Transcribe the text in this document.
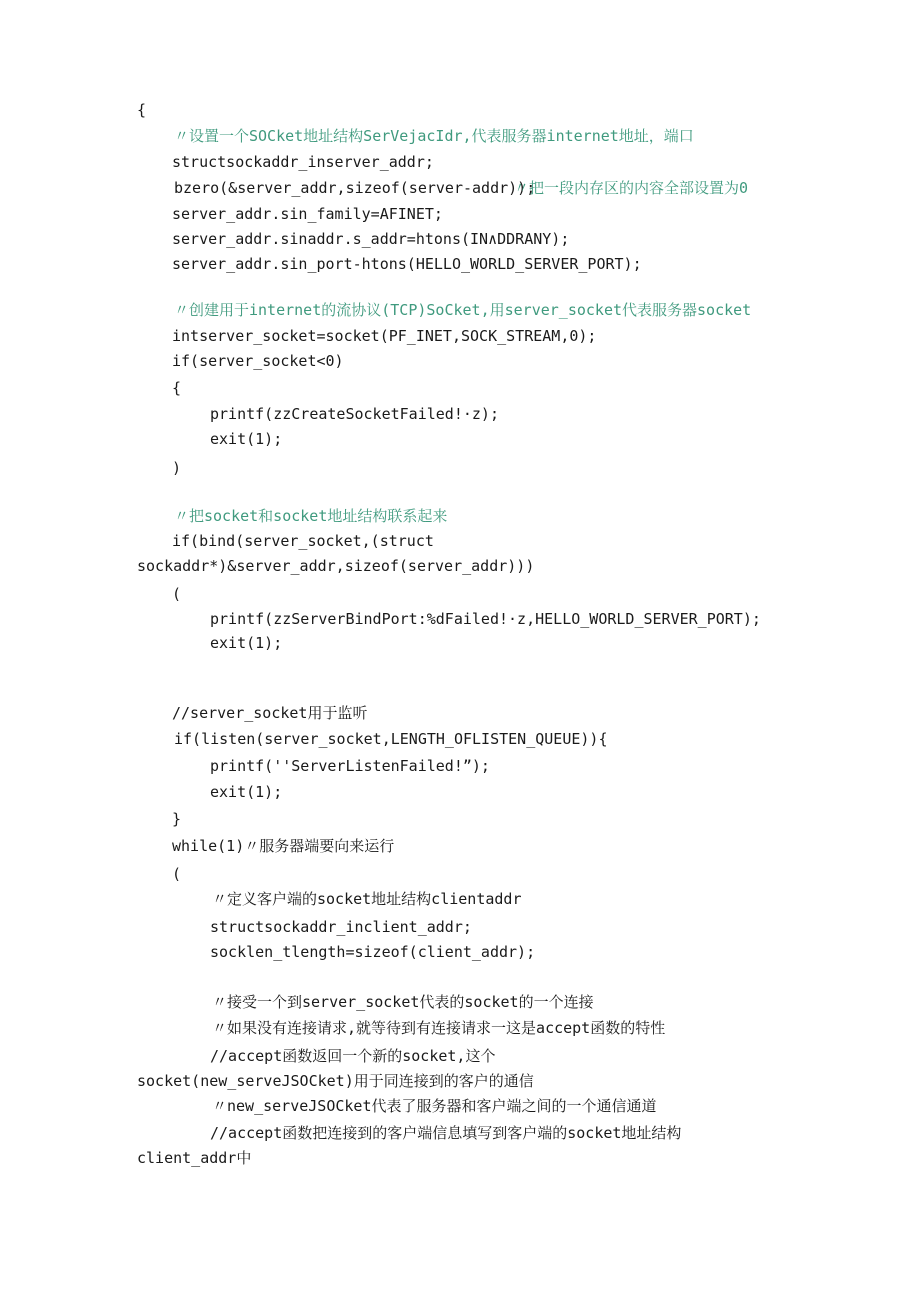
{
〃设置一个SOCket地址结构SerVejacIdr,代表服务器internet地址，端口
structsockaddr_inserver_addr;
bzero(&server_addr,sizeof(server-addr));
〃把一段内存区的内容全部设置为0
server_addr.sin_family=AFINET;
server_addr.sinaddr.s_addr=htons(IN∧DDRANY);
server_addr.sin_port-htons(HELLO_WORLD_SERVER_PORT);
〃创建用于internet的流协议(TCP)SoCket,用server_socket代表服务器socket
intserver_socket=socket(PF_INET,SOCK_STREAM,0);
if(server_socket<0)
{
printf(zzCreateSocketFailed!·z);
exit(1);
)
〃把socket和socket地址结构联系起来
if(bind(server_socket,(struct
sockaddr*)&server_addr,sizeof(server_addr)))
(
printf(zzServerBindPort:%dFailed!·z,HELLO_WORLD_SERVER_PORT);
exit(1);
//server_socket用于监听
if(listen(server_socket,LENGTH_OFLISTEN_QUEUE)){
printf(''ServerListenFailed!”);
exit(1);
}
while(1)〃服务器端要向来运行
(
〃定义客户端的socket地址结构clientaddr
structsockaddr_inclient_addr;
socklen_tlength=sizeof(client_addr);
〃接受一个到server_socket代表的socket的一个连接
〃如果没有连接请求,就等待到有连接请求一这是accept函数的特性
//accept函数返回一个新的socket,这个
socket(new_serveJSOCket)用于同连接到的客户的通信
〃new_serveJSOCket代表了服务器和客户端之间的一个通信通道
//accept函数把连接到的客户端信息填写到客户端的socket地址结构
client_addr中
